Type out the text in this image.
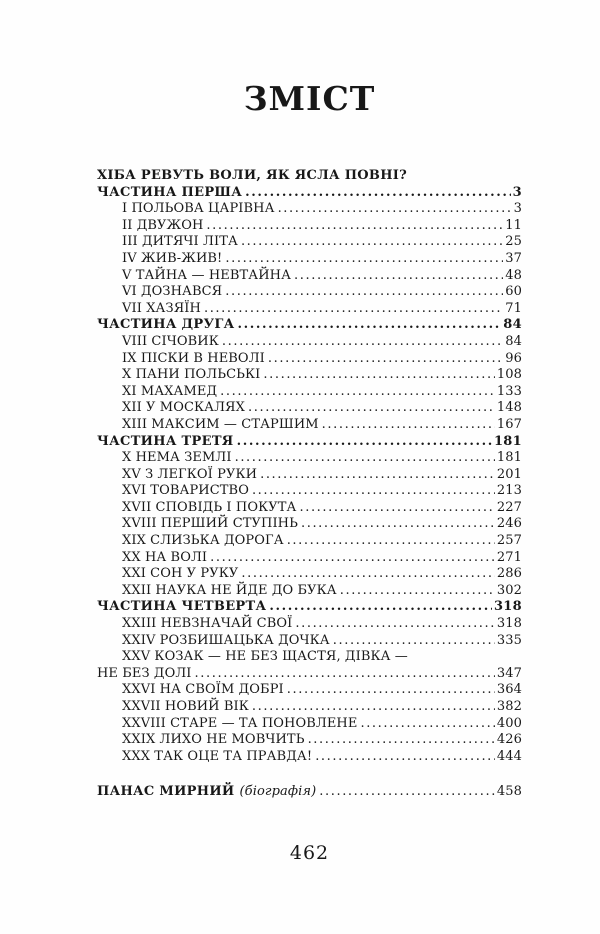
ЗМІСТ
ХІБА РЕВУТЬ ВОЛИ, ЯК ЯСЛА ПОВНІ?
ЧАСТИНА ПЕРША .....	3
I ПОЛЬОВА ЦАРІВНА .....	3
II ДВУЖОН .....	11
III ДИТЯЧІ ЛІТА .....	25
IV ЖИВ-ЖИВ! .....	37
V ТАЙНА — НЕВТАЙНА .....	48
VI ДОЗНАВСЯ .....	60
VII ХАЗЯЇН .....	71
ЧАСТИНА ДРУГА .....	84
VIII СІЧОВИК .....	84
IX ПІСКИ В НЕВОЛІ .....	96
X ПАНИ ПОЛЬСЬКІ .....	108
XI МАХАМЕД .....	133
XII У МОСКАЛЯХ .....	148
XIII МАКСИМ — СТАРШИМ .....	167
ЧАСТИНА ТРЕТЯ .....	181
X НЕМА ЗЕМЛІ .....	181
XV З ЛЕГКОЇ РУКИ .....	201
XVI ТОВАРИСТВО .....	213
XVII СПОВІДЬ І ПОКУТА .....	227
XVIII ПЕРШИЙ СТУПІНЬ .....	246
XIX СЛИЗЬКА ДОРОГА .....	257
XX НА ВОЛІ .....	271
XXI СОН У РУКУ .....	286
XXII НАУКА НЕ ЙДЕ ДО БУКА .....	302
ЧАСТИНА ЧЕТВЕРТА .....	318
XXIII НЕВЗНАЧАЙ СВОЇ .....	318
XXIV РОЗБИШАЦЬКА ДОЧКА .....	335
XXV КОЗАК — НЕ БЕЗ ЩАСТЯ, ДІВКА —
НЕ БЕЗ ДОЛІ .....	347
XXVI НА СВОЇМ ДОБРІ .....	364
XXVII НОВИЙ ВІК .....	382
XXVIII СТАРЕ — ТА ПОНОВЛЕНЕ .....	400
XXIX ЛИХО НЕ МОВЧИТЬ .....	426
XXX ТАК ОЦЕ ТА ПРАВДА! .....	444
ПАНАС МИРНИЙ (біографія) .....	458
462
